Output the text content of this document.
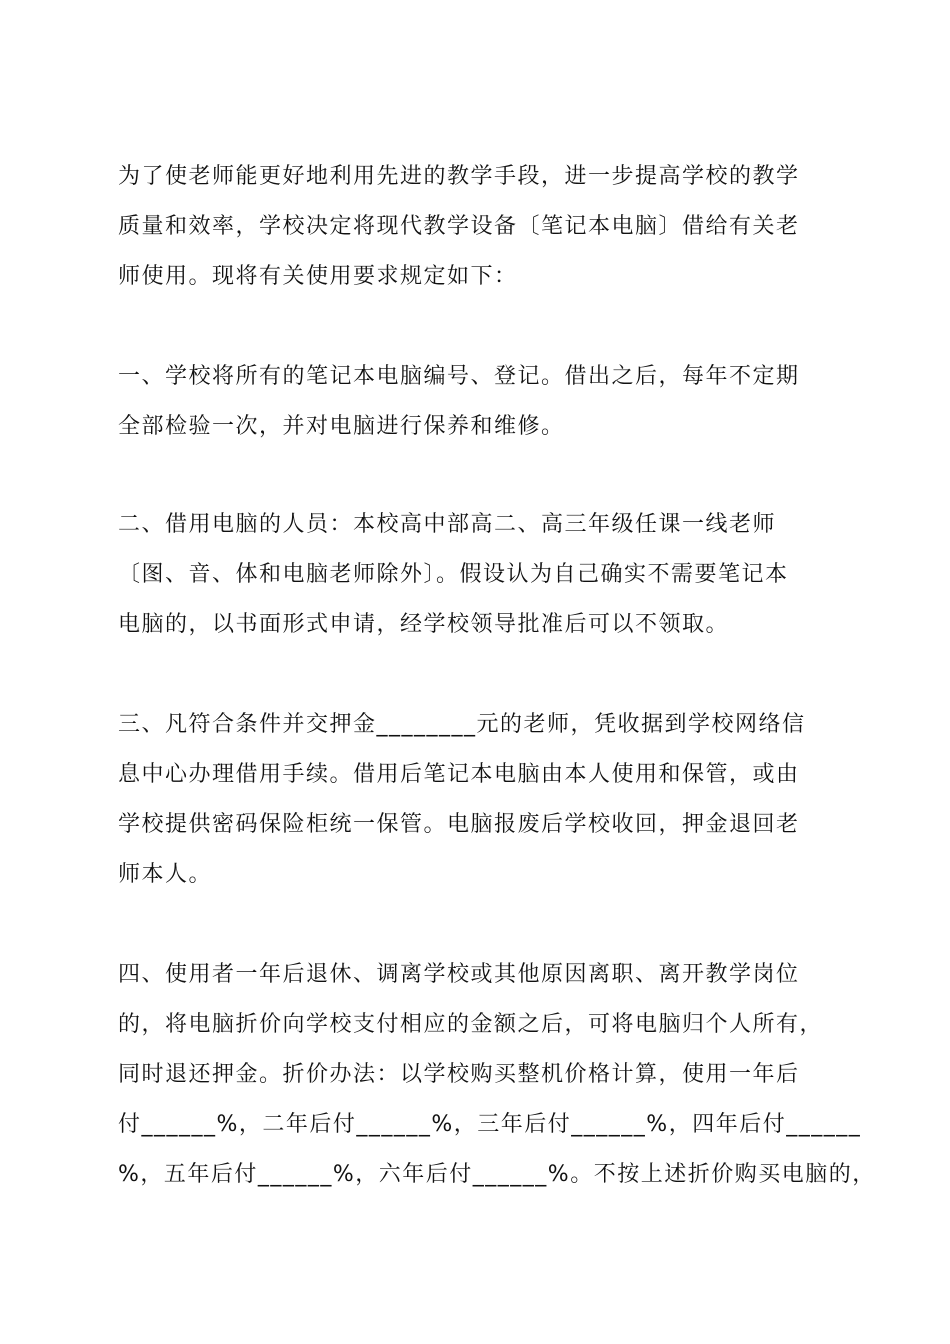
为了使老师能更好地利用先进的教学手段，进一步提高学校的教学
质量和效率，学校决定将现代教学设备〔笔记本电脑〕借给有关老
师使用。现将有关使用要求规定如下：
一、学校将所有的笔记本电脑编号、登记。借出之后，每年不定期
全部检验一次，并对电脑进行保养和维修。
二、借用电脑的人员：本校高中部高二、高三年级任课一线老师
〔图、音、体和电脑老师除外〕。假设认为自己确实不需要笔记本
电脑的，以书面形式申请，经学校领导批准后可以不领取。
三、凡符合条件并交押金________元的老师，凭收据到学校网络信
息中心办理借用手续。借用后笔记本电脑由本人使用和保管，或由
学校提供密码保险柜统一保管。电脑报废后学校收回，押金退回老
师本人。
四、使用者一年后退休、调离学校或其他原因离职、离开教学岗位
的，将电脑折价向学校支付相应的金额之后，可将电脑归个人所有，
同时退还押金。折价办法：以学校购买整机价格计算，使用一年后
付______%，二年后付______%，三年后付______%，四年后付______
%，五年后付______%，六年后付______%。不按上述折价购买电脑的，
